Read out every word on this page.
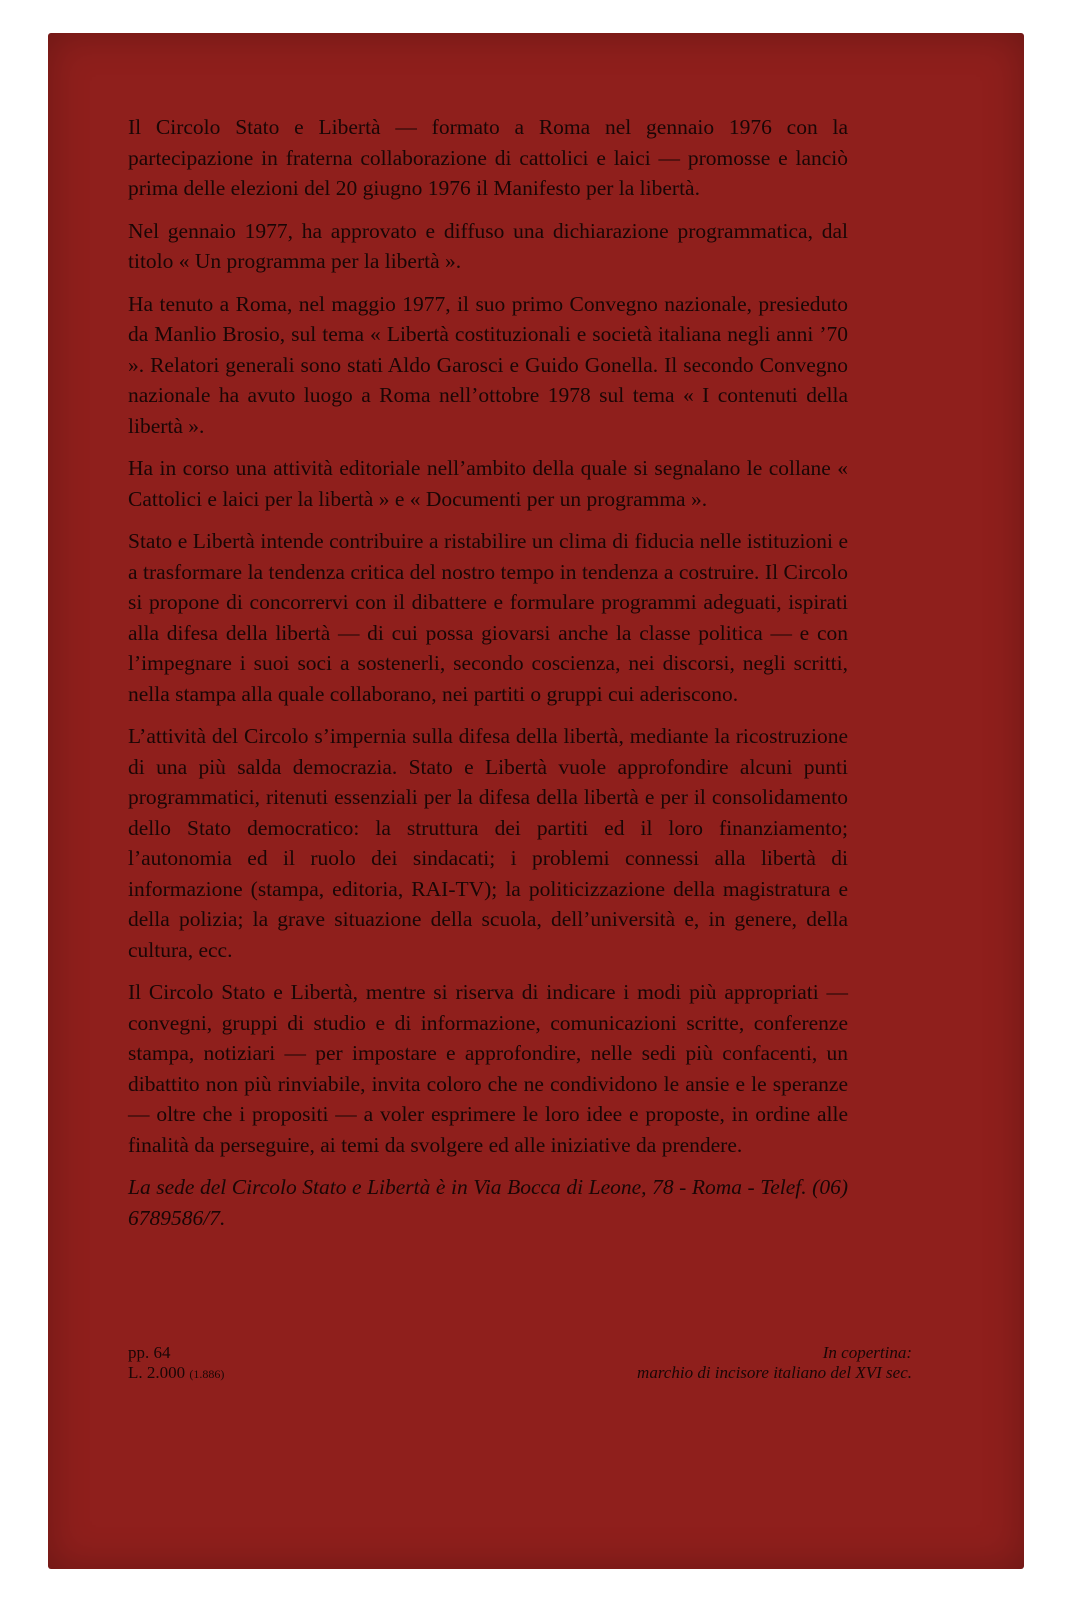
Il Circolo Stato e Libertà — formato a Roma nel gennaio 1976 con la partecipazione in fraterna collaborazione di cattolici e laici — promosse e lanciò prima delle elezioni del 20 giugno 1976 il Manifesto per la libertà.

Nel gennaio 1977, ha approvato e diffuso una dichiarazione programmatica, dal titolo « Un programma per la libertà ».

Ha tenuto a Roma, nel maggio 1977, il suo primo Convegno nazionale, presieduto da Manlio Brosio, sul tema « Libertà costituzionali e società italiana negli anni ’70 ». Relatori generali sono stati Aldo Garosci e Guido Gonella. Il secondo Convegno nazionale ha avuto luogo a Roma nell’ottobre 1978 sul tema « I contenuti della libertà ».

Ha in corso una attività editoriale nell’ambito della quale si segnalano le collane « Cattolici e laici per la libertà » e « Documenti per un programma ».

Stato e Libertà intende contribuire a ristabilire un clima di fiducia nelle istituzioni e a trasformare la tendenza critica del nostro tempo in tendenza a costruire. Il Circolo si propone di concorrervi con il dibattere e formulare programmi adeguati, ispirati alla difesa della libertà — di cui possa giovarsi anche la classe politica — e con l’impegnare i suoi soci a sostenerli, secondo coscienza, nei discorsi, negli scritti, nella stampa alla quale collaborano, nei partiti o gruppi cui aderiscono.

L’attività del Circolo s’impernia sulla difesa della libertà, mediante la ricostruzione di una più salda democrazia. Stato e Libertà vuole approfondire alcuni punti programmatici, ritenuti essenziali per la difesa della libertà e per il consolidamento dello Stato democratico: la struttura dei partiti ed il loro finanziamento; l’autonomia ed il ruolo dei sindacati; i problemi connessi alla libertà di informazione (stampa, editoria, RAI-TV); la politicizzazione della magistratura e della polizia; la grave situazione della scuola, dell’università e, in genere, della cultura, ecc.

Il Circolo Stato e Libertà, mentre si riserva di indicare i modi più appropriati — convegni, gruppi di studio e di informazione, comunicazioni scritte, conferenze stampa, notiziari — per impostare e approfondire, nelle sedi più confacenti, un dibattito non più rinviabile, invita coloro che ne condividono le ansie e le speranze — oltre che i propositi — a voler esprimere le loro idee e proposte, in ordine alle finalità da perseguire, ai temi da svolgere ed alle iniziative da prendere.

La sede del Circolo Stato e Libertà è in Via Bocca di Leone, 78 - Roma - Telef. (06) 6789586/7.

pp. 64
L. 2.000 (1.886)
In copertina:
marchio di incisore italiano del XVI sec.
